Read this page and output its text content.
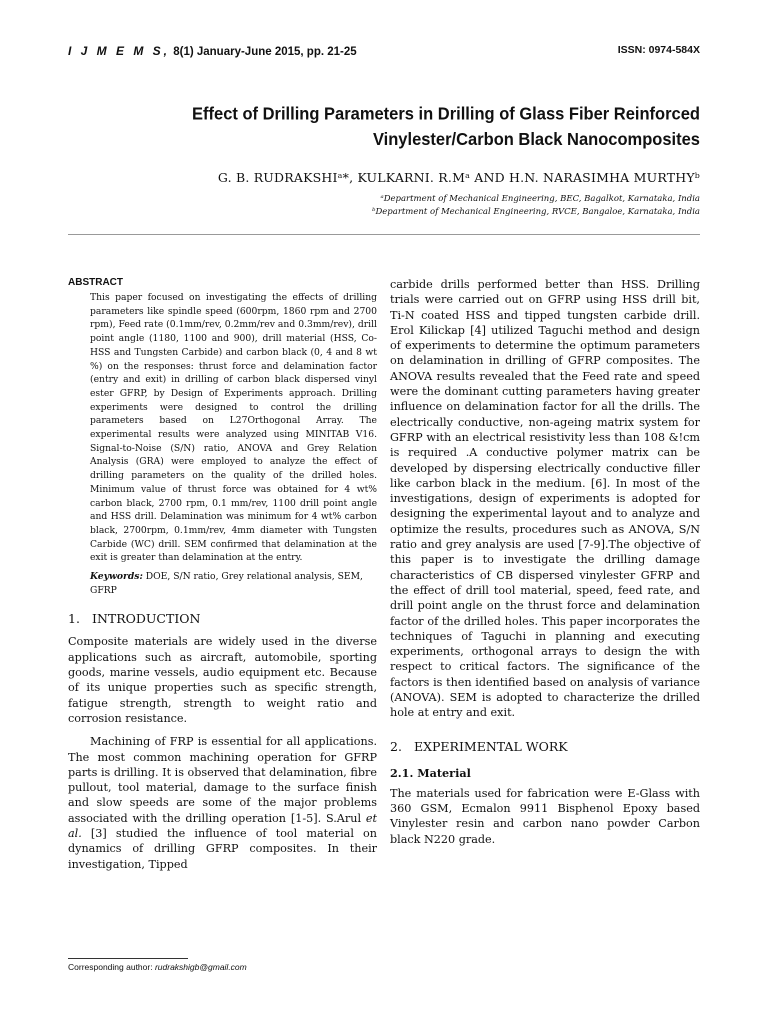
I J M E M S, 8(1) January-June 2015, pp. 21-25	ISSN: 0974-584X
Effect of Drilling Parameters in Drilling of Glass Fiber Reinforced
Vinylester/Carbon Black Nanocomposites
G. B. RUDRAKSHIᵃ*, KULKARNI. R.Mᵃ AND H.N. NARASIMHA MURTHYᵇ
ᵃDepartment of Mechanical Engineering, BEC, Bagalkot, Karnataka, India
ᵇDepartment of Mechanical Engineering, RVCE, Bangaloe, Karnataka, India
ABSTRACT

This paper focused on investigating the effects of drilling parameters like spindle speed (600rpm, 1860 rpm and 2700 rpm), Feed rate (0.1mm/rev, 0.2mm/rev and 0.3mm/rev), drill point angle (1180, 1100 and 900), drill material (HSS, Co-HSS and Tungsten Carbide) and carbon black (0, 4 and 8 wt %) on the responses: thrust force and delamination factor (entry and exit) in drilling of carbon black dispersed vinyl ester GFRP, by Design of Experiments approach. Drilling experiments were designed to control the drilling parameters based on L27Orthogonal Array. The experimental results were analyzed using MINITAB V16. Signal-to-Noise (S/N) ratio, ANOVA and Grey Relation Analysis (GRA) were employed to analyze the effect of drilling parameters on the quality of the drilled holes. Minimum value of thrust force was obtained for 4 wt% carbon black, 2700 rpm, 0.1 mm/rev, 1100 drill point angle and HSS drill. Delamination was minimum for 4 wt% carbon black, 2700rpm, 0.1mm/rev, 4mm diameter with Tungsten Carbide (WC) drill. SEM confirmed that delamination at the exit is greater than delamination at the entry.

Keywords: DOE, S/N ratio, Grey relational analysis, SEM, GFRP

1. INTRODUCTION

Composite materials are widely used in the diverse applications such as aircraft, automobile, sporting goods, marine vessels, audio equipment etc. Because of its unique properties such as specific strength, fatigue strength, strength to weight ratio and corrosion resistance.

Machining of FRP is essential for all applications. The most common machining operation for GFRP parts is drilling. It is observed that delamination, fibre pullout, tool material, damage to the surface finish and slow speeds are some of the major problems associated with the drilling operation [1-5]. S.Arul et al. [3] studied the influence of tool material on dynamics of drilling GFRP composites. In their investigation, Tipped

carbide drills performed better than HSS. Drilling trials were carried out on GFRP using HSS drill bit, Ti-N coated HSS and tipped tungsten carbide drill. Erol Kilickap [4] utilized Taguchi method and design of experiments to determine the optimum parameters on delamination in drilling of GFRP composites. The ANOVA results revealed that the Feed rate and speed were the dominant cutting parameters having greater influence on delamination factor for all the drills. The electrically conductive, non-ageing matrix system for GFRP with an electrical resistivity less than 108 &!cm is required .A conductive polymer matrix can be developed by dispersing electrically conductive filler like carbon black in the medium. [6]. In most of the investigations, design of experiments is adopted for designing the experimental layout and to analyze and optimize the results, procedures such as ANOVA, S/N ratio and grey analysis are used [7-9].The objective of this paper is to investigate the drilling damage characteristics of CB dispersed vinylester GFRP and the effect of drill tool material, speed, feed rate, and drill point angle on the thrust force and delamination factor of the drilled holes. This paper incorporates the techniques of Taguchi in planning and executing experiments, orthogonal arrays to design the with respect to critical factors. The significance of the factors is then identified based on analysis of variance (ANOVA). SEM is adopted to characterize the drilled hole at entry and exit.

2. EXPERIMENTAL WORK
2.1. Material

The materials used for fabrication were E-Glass with 360 GSM, Ecmalon 9911 Bisphenol Epoxy based Vinylester resin and carbon nano powder Carbon black N220 grade.

Corresponding author: rudrakshigb@gmail.com
